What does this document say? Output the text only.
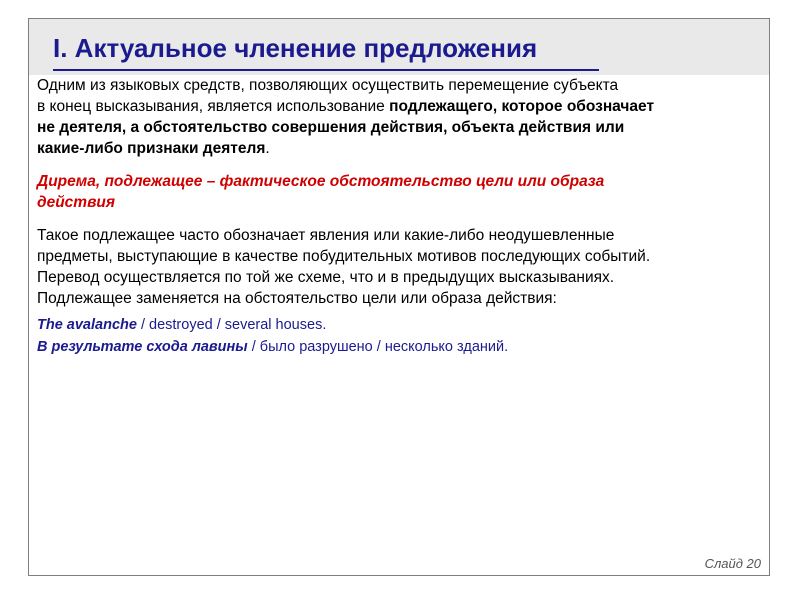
I. Актуальное членение предложения

Одним из языковых средств, позволяющих осуществить перемещение субъекта
в конец высказывания, является использование подлежащего, которое обозначает
не деятеля, а обстоятельство совершения действия, объекта действия или
какие-либо признаки деятеля.

Дирема, подлежащее – фактическое обстоятельство цели или образа
действия

Такое подлежащее часто обозначает явления или какие-либо неодушевленные
предметы, выступающие в качестве побудительных мотивов последующих событий.
Перевод осуществляется по той же схеме, что и в предыдущих высказываниях.
Подлежащее заменяется на обстоятельство цели или образа действия:

The avalanche / destroyed / several houses.

В результате схода лавины / было разрушено / несколько зданий.

Слайд 20
